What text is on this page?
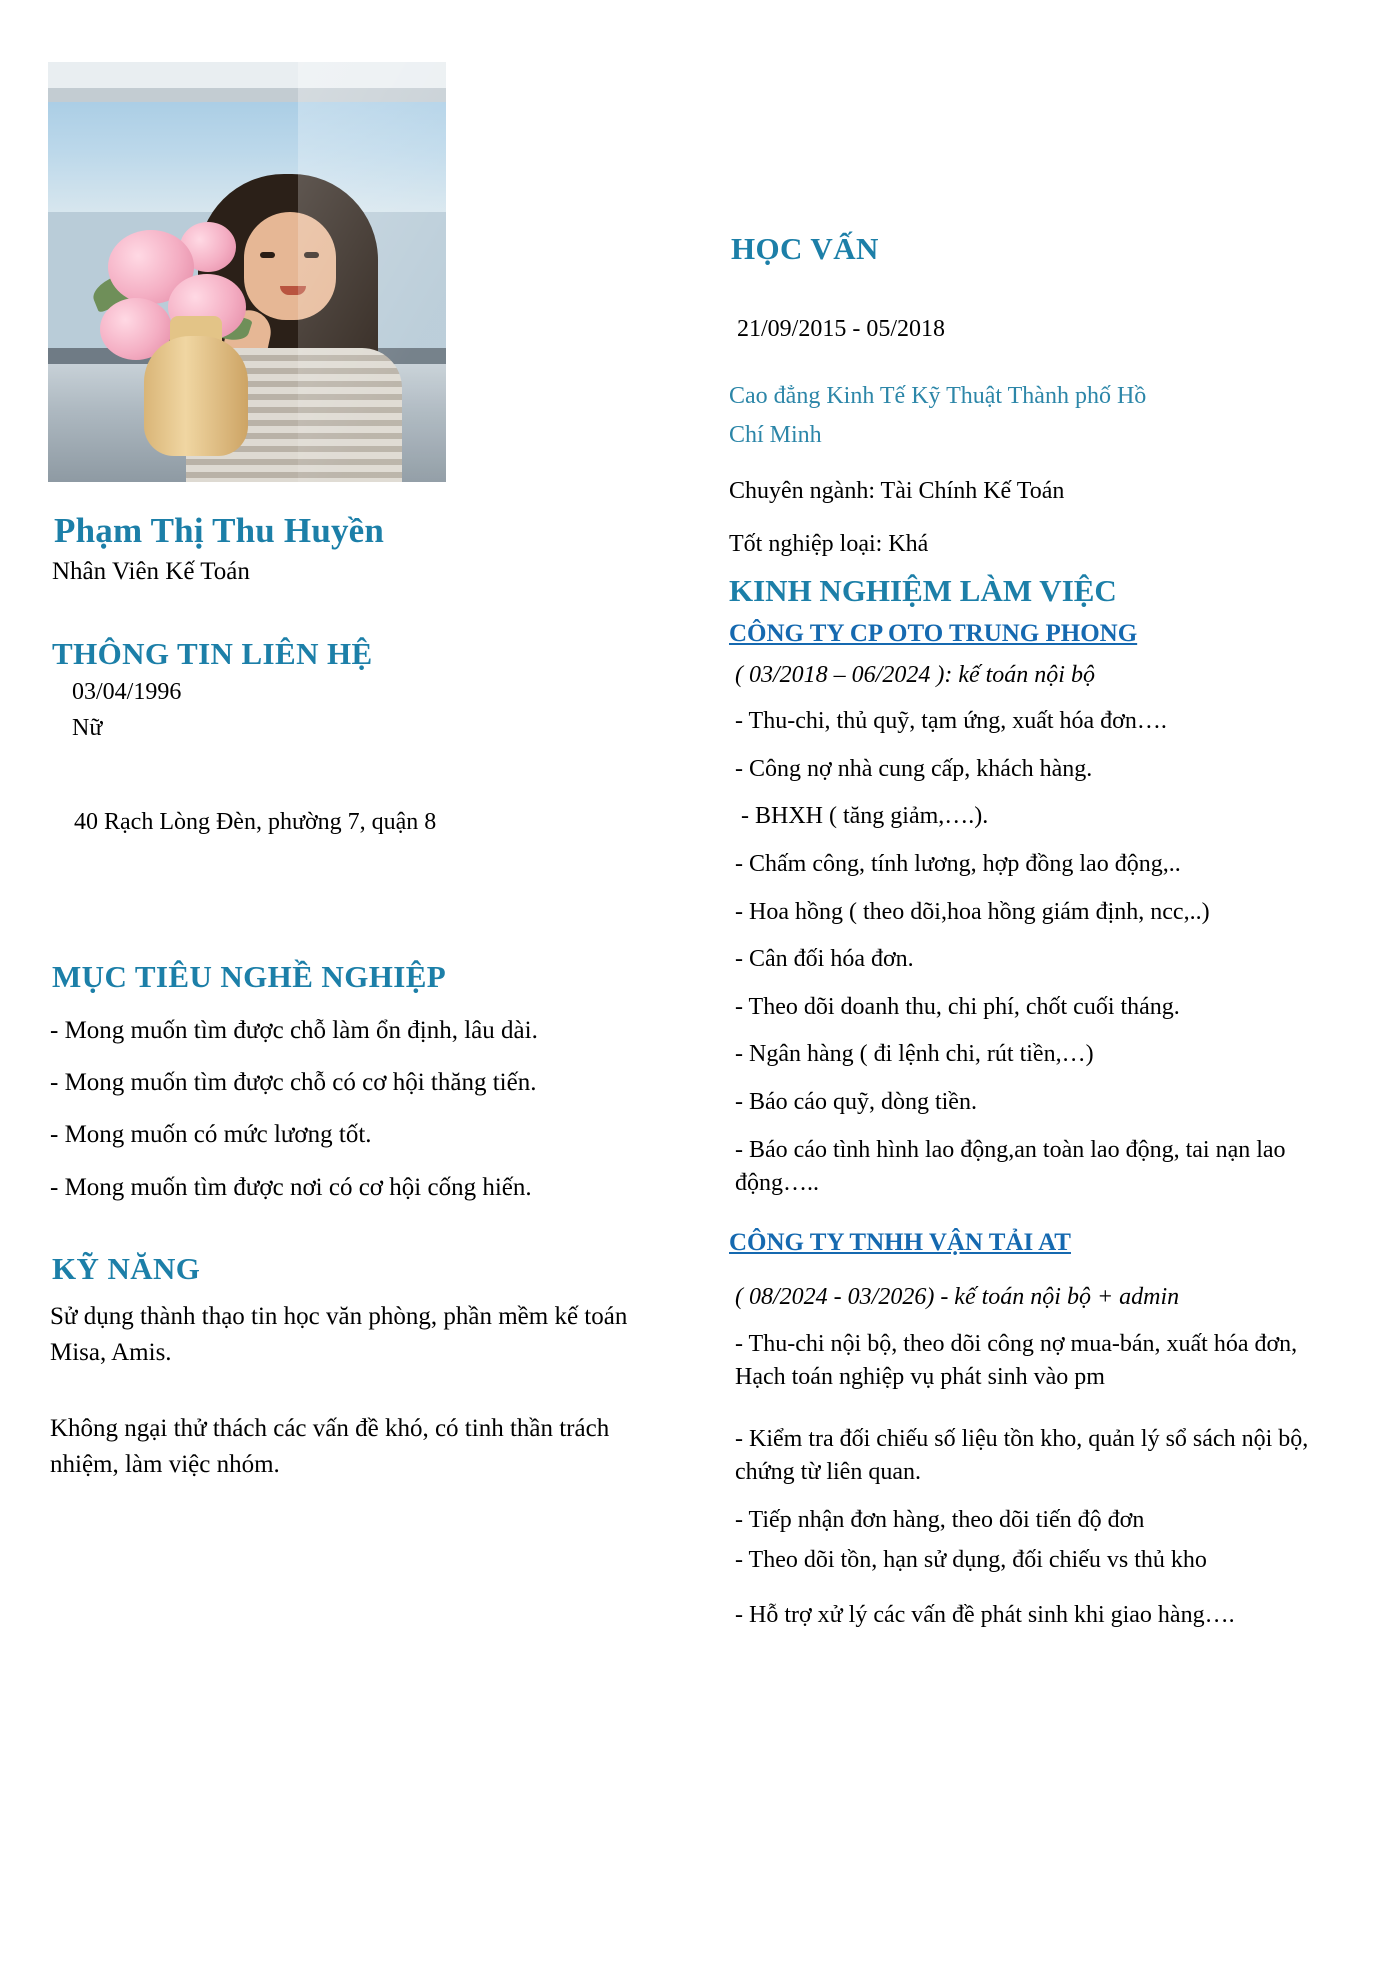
Phạm Thị Thu Huyền
Nhân Viên Kế Toán
THÔNG TIN LIÊN HỆ
03/04/1996
Nữ
40 Rạch Lòng Đèn, phường 7, quận 8
MỤC TIÊU NGHỀ NGHIỆP
- Mong muốn tìm được chỗ làm ổn định, lâu dài.
- Mong muốn tìm được chỗ có cơ hội thăng tiến.
- Mong muốn có mức lương tốt.
- Mong muốn tìm được nơi có cơ hội cống hiến.
KỸ NĂNG
Sử dụng thành thạo tin học văn phòng, phần mềm kế toán Misa, Amis.
Không ngại thử thách các vấn đề khó, có tinh thần trách nhiệm, làm việc nhóm.
HỌC VẤN
21/09/2015 - 05/2018
Cao đẳng Kinh Tế Kỹ Thuật Thành phố Hồ Chí Minh
Chuyên ngành: Tài Chính Kế Toán
Tốt nghiệp loại: Khá
KINH NGHIỆM LÀM VIỆC
CÔNG TY CP OTO TRUNG PHONG
( 03/2018 – 06/2024 ): kế toán nội bộ
- Thu-chi, thủ quỹ, tạm ứng, xuất hóa đơn….
- Công nợ nhà cung cấp, khách hàng.
- BHXH ( tăng giảm,….).
- Chấm công, tính lương, hợp đồng lao động,..
- Hoa hồng ( theo dõi,hoa hồng giám định, ncc,..)
- Cân đối hóa đơn.
- Theo dõi doanh thu, chi phí, chốt cuối tháng.
- Ngân hàng ( đi lệnh chi, rút tiền,…)
- Báo cáo quỹ, dòng tiền.
- Báo cáo tình hình lao động,an toàn lao động, tai nạn lao động…..
CÔNG TY TNHH VẬN TẢI AT
( 08/2024 - 03/2026) - kế toán nội bộ + admin
- Thu-chi nội bộ, theo dõi công nợ mua-bán, xuất hóa đơn, Hạch toán nghiệp vụ phát sinh vào pm
- Kiểm tra đối chiếu số liệu tồn kho, quản lý sổ sách nội bộ, chứng từ liên quan.
- Tiếp nhận đơn hàng, theo dõi tiến độ đơn
- Theo dõi tồn, hạn sử dụng, đối chiếu vs thủ kho
- Hỗ trợ xử lý các vấn đề phát sinh khi giao hàng….
